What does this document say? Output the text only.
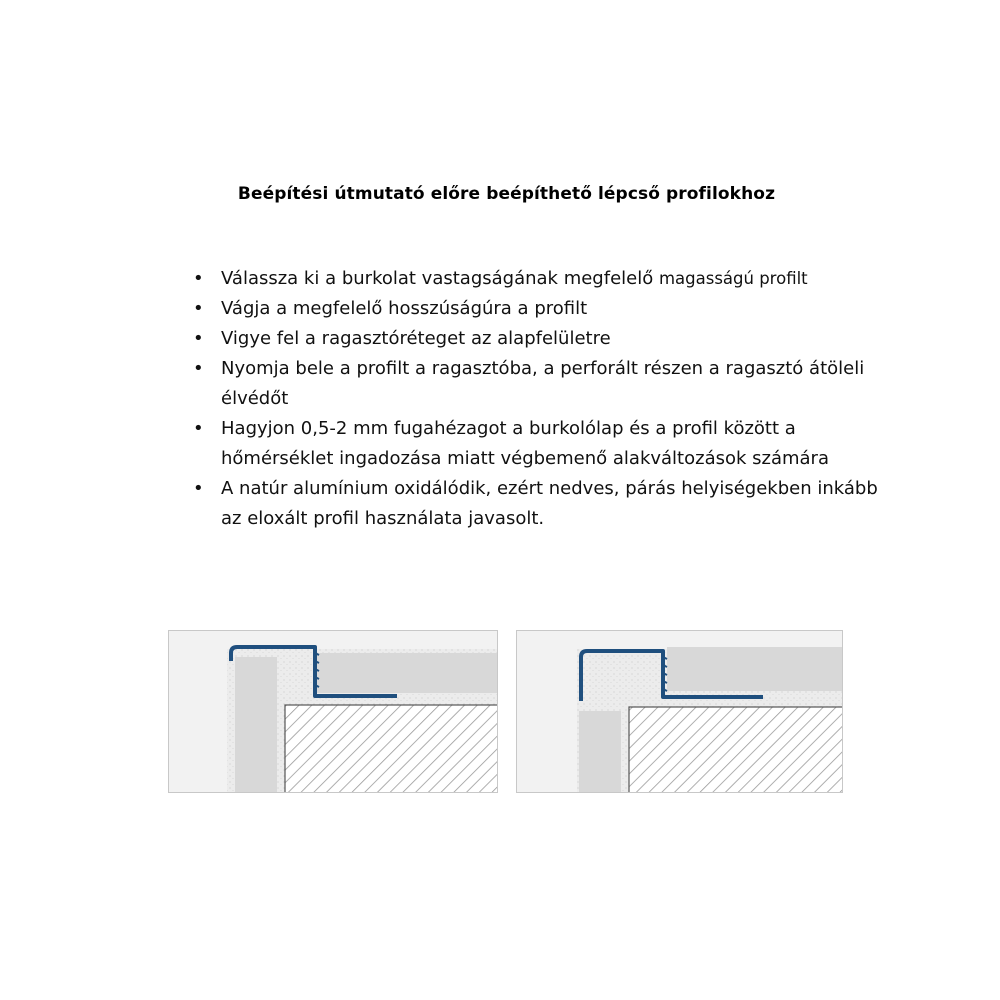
Beépítési útmutató előre beépíthető lépcső profilokhoz
• Válassza ki a burkolat vastagságának megfelelő magasságú profilt
• Vágja a megfelelő hosszúságúra a profilt
• Vigye fel a ragasztóréteget az alapfelületre
• Nyomja bele a profilt a ragasztóba, a perforált részen a ragasztó átöleli élvédőt
• Hagyjon 0,5-2 mm fugahézagot a burkolólap és a profil között a hőmérséklet ingadozása miatt végbemenő alakváltozások számára
• A natúr alumínium oxidálódik, ezért nedves, párás helyiségekben inkább az eloxált profil használata javasolt.
